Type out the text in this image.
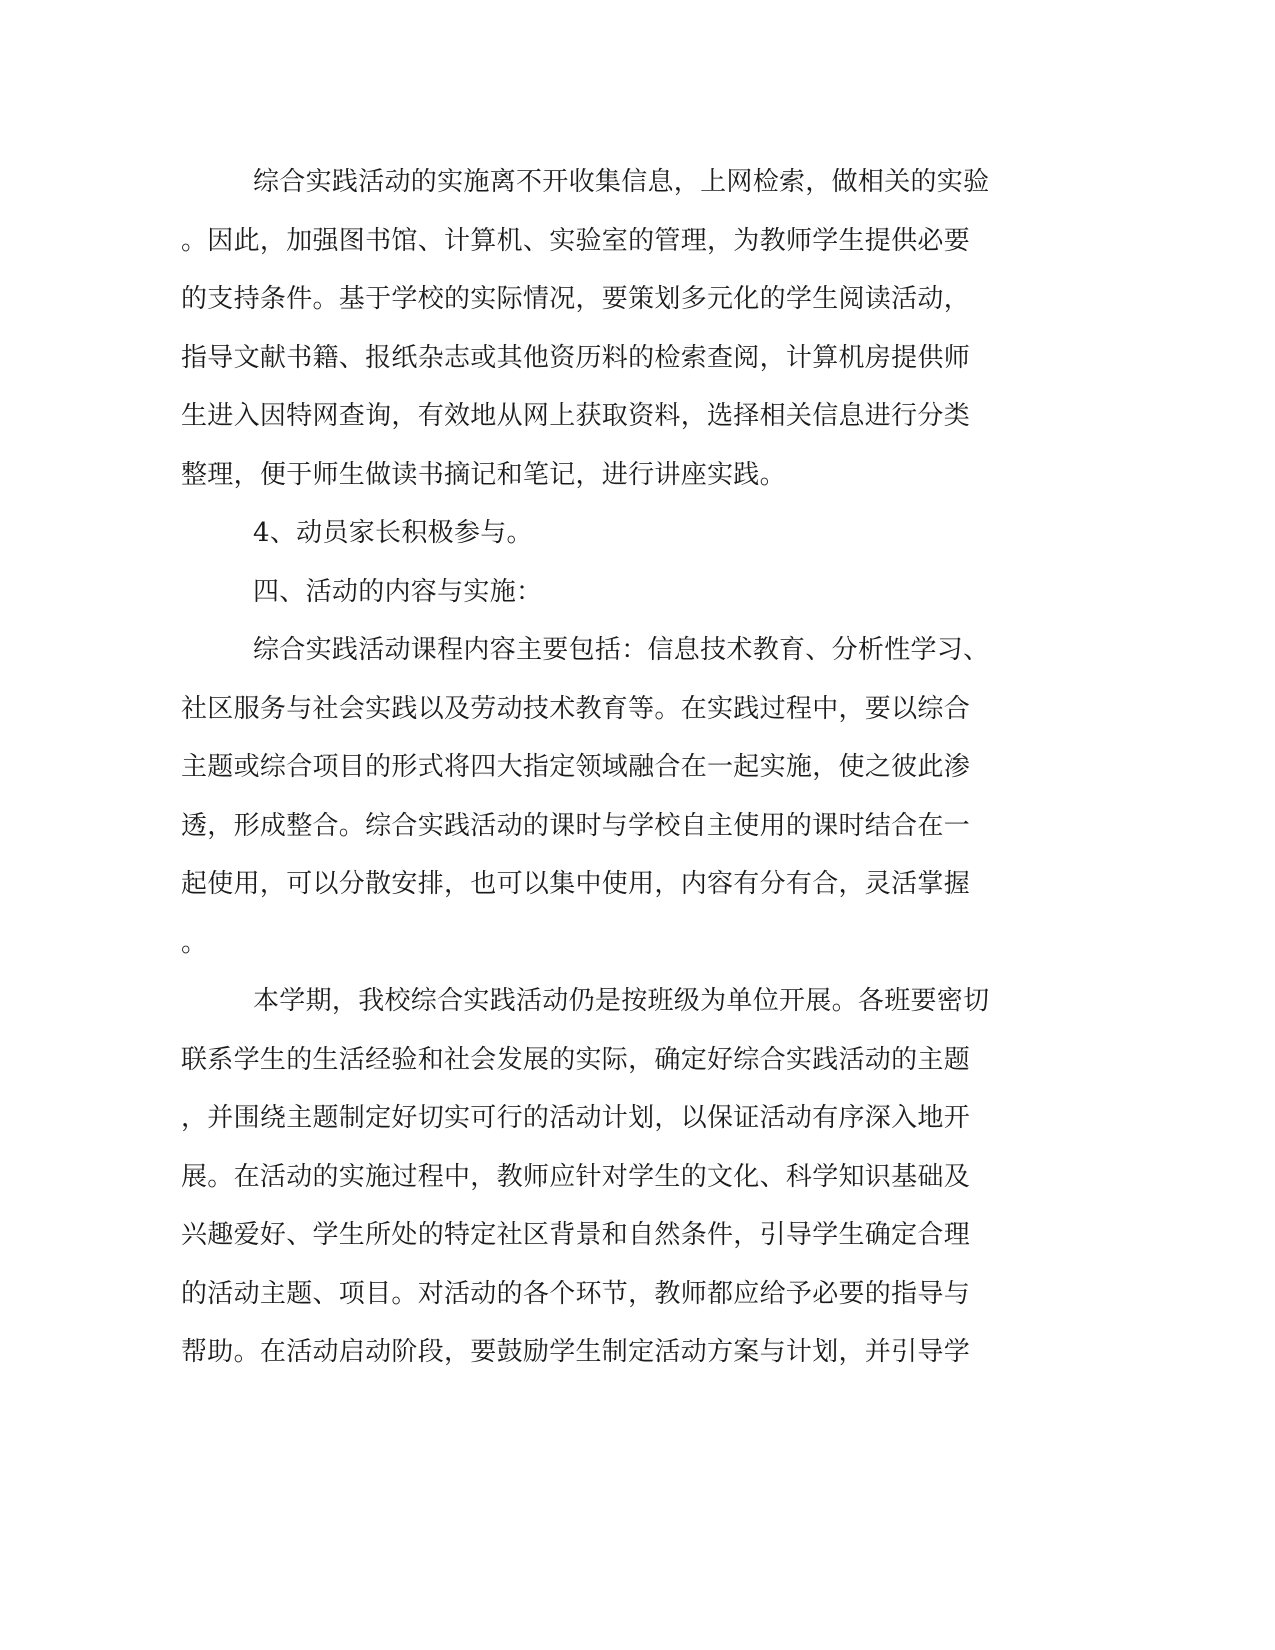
综合实践活动的实施离不开收集信息，上网检索，做相关的实验
。因此，加强图书馆、计算机、实验室的管理，为教师学生提供必要
的支持条件。基于学校的实际情况，要策划多元化的学生阅读活动，
指导文献书籍、报纸杂志或其他资历料的检索查阅，计算机房提供师
生进入因特网查询，有效地从网上获取资料，选择相关信息进行分类
整理，便于师生做读书摘记和笔记，进行讲座实践。
4、动员家长积极参与。
四、活动的内容与实施：
综合实践活动课程内容主要包括：信息技术教育、分析性学习、
社区服务与社会实践以及劳动技术教育等。在实践过程中，要以综合
主题或综合项目的形式将四大指定领域融合在一起实施，使之彼此渗
透，形成整合。综合实践活动的课时与学校自主使用的课时结合在一
起使用，可以分散安排，也可以集中使用，内容有分有合，灵活掌握
。
本学期，我校综合实践活动仍是按班级为单位开展。各班要密切
联系学生的生活经验和社会发展的实际，确定好综合实践活动的主题
，并围绕主题制定好切实可行的活动计划，以保证活动有序深入地开
展。在活动的实施过程中，教师应针对学生的文化、科学知识基础及
兴趣爱好、学生所处的特定社区背景和自然条件，引导学生确定合理
的活动主题、项目。对活动的各个环节，教师都应给予必要的指导与
帮助。在活动启动阶段，要鼓励学生制定活动方案与计划，并引导学
